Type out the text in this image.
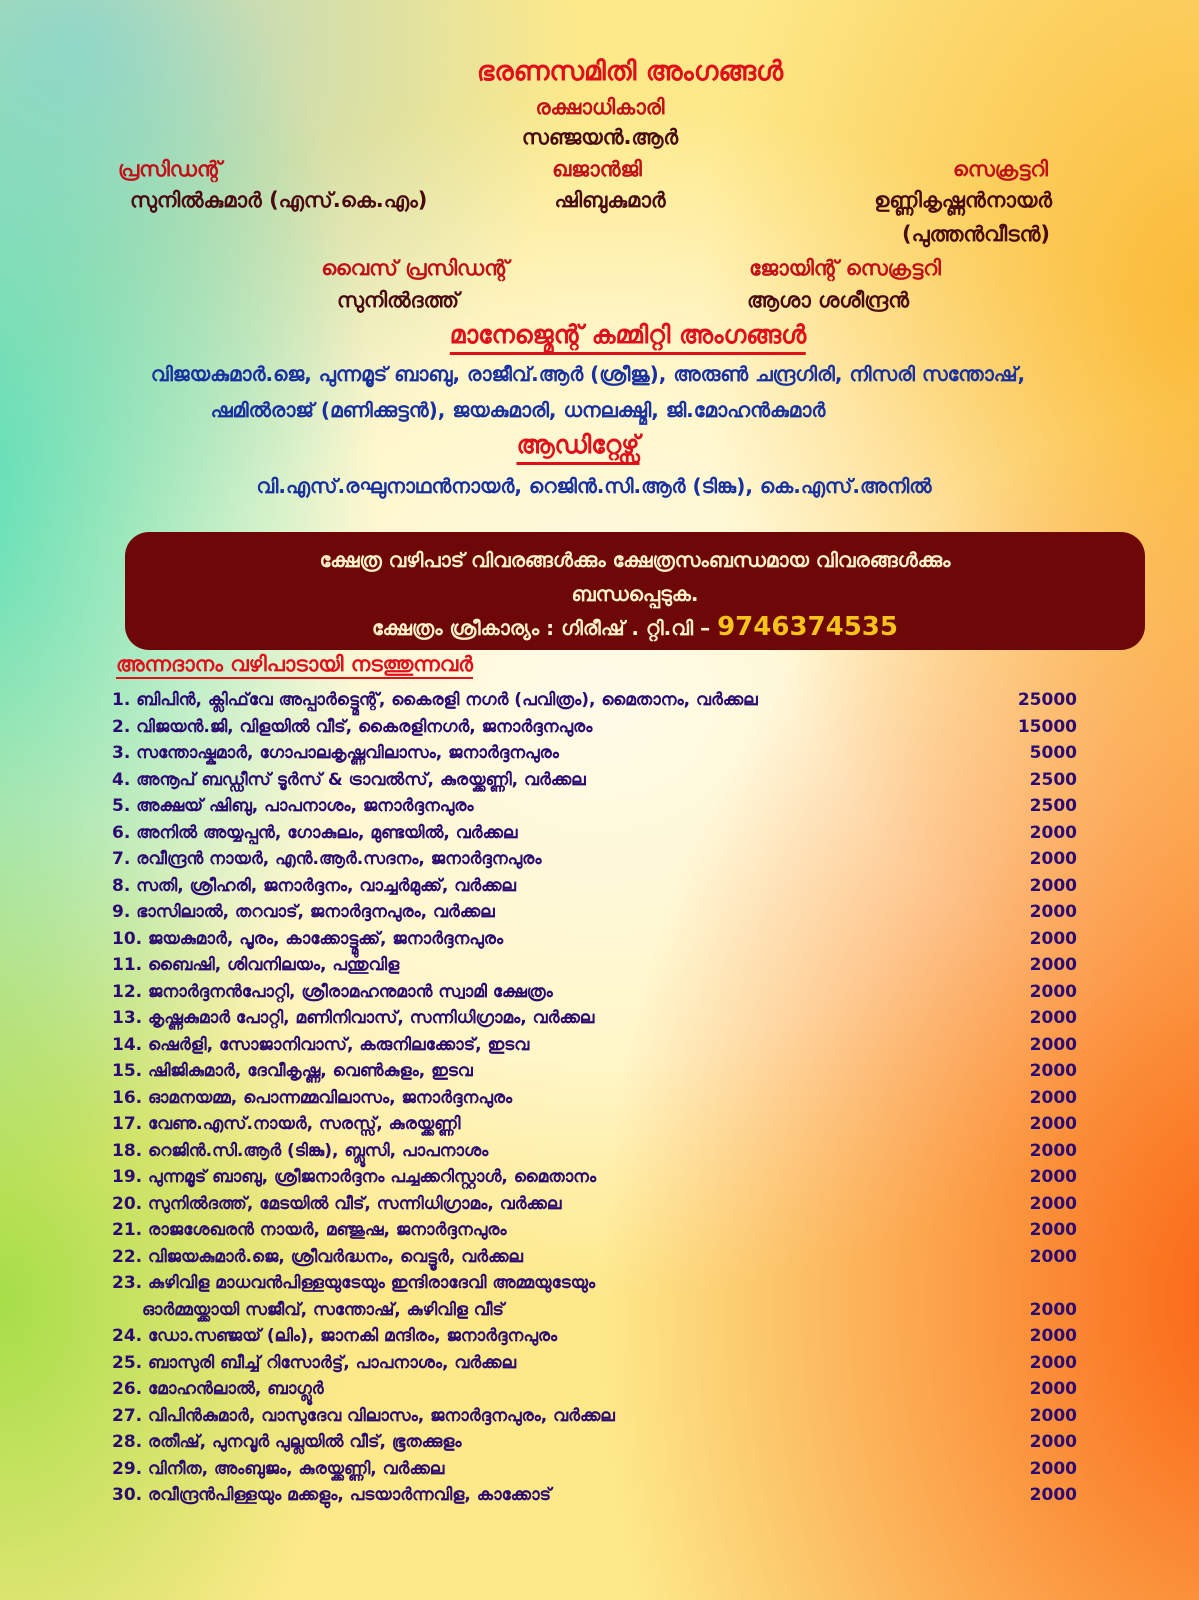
ഭരണസമിതി അംഗങ്ങൾ
രക്ഷാധികാരി
സഞ്ജയൻ.ആർ
പ്രസിഡന്റ്
സുനിൽകുമാർ (എസ്.കെ.എം)
ഖജാൻജി
ഷിബുകുമാർ
സെക്രട്ടറി
ഉണ്ണികൃഷ്ണൻനായർ
(പുത്തൻവീടൻ)
വൈസ് പ്രസിഡന്റ്
സുനിൽദത്ത്
ജോയിന്റ് സെക്രട്ടറി
ആശാ ശശീന്ദ്രൻ
മാനേജ്മെന്റ് കമ്മിറ്റി അംഗങ്ങൾ
വിജയകുമാർ.ജെ, പുന്നമൂട് ബാബു, രാജീവ്.ആർ (ശ്രീജു), അരുൺ ചന്ദ്രഗിരി, നിസരി സന്തോഷ്,
ഷമിൽരാജ് (മണിക്കുട്ടൻ), ജയകുമാരി, ധനലക്ഷ്മി, ജി.മോഹൻകുമാർ
ആഡിറ്റേഴ്സ്
വി.എസ്.രഘുനാഥൻനായർ, റെജിൻ.സി.ആർ (ടിങ്കു), കെ.എസ്.അനിൽ
ക്ഷേത്ര വഴിപാട് വിവരങ്ങൾക്കും ക്ഷേത്രസംബന്ധമായ വിവരങ്ങൾക്കും
ബന്ധപ്പെടുക.
ക്ഷേത്രം ശ്രീകാര്യം : ഗിരീഷ് . റ്റി.വി – 9746374535
അന്നദാനം വഴിപാടായി നടത്തുന്നവർ
1. ബിപിൻ, ക്ലിഫ്‌വേ അപ്പാർട്ട്മെന്റ്, കൈരളി നഗർ (പവിത്രം), മൈതാനം, വർക്കല	25000
2. വിജയൻ.ജി, വിളയിൽ വീട്, കൈരളിനഗർ, ജനാർദ്ദനപുരം	15000
3. സന്തോഷ്കുമാർ, ഗോപാലകൃഷ്ണവിലാസം, ജനാർദ്ദനപുരം	5000
4. അനൂപ് ബഡ്ഡീസ് ടൂർസ് & ട്രാവൽസ്, കുരയ്ക്കണ്ണി, വർക്കല	2500
5. അക്ഷയ് ഷിബു, പാപനാശം, ജനാർദ്ദനപുരം	2500
6. അനിൽ അയ്യപ്പൻ, ഗോകുലം, മുണ്ടയിൽ, വർക്കല	2000
7. രവീന്ദ്രൻ നായർ, എൻ.ആർ.സദനം, ജനാർദ്ദനപുരം	2000
8. സതി, ശ്രീഹരി, ജനാർദ്ദനം, വാച്ചർമുക്ക്, വർക്കല	2000
9. ഭാസിലാൽ, തറവാട്, ജനാർദ്ദനപുരം, വർക്കല	2000
10. ജയകുമാർ, പൂരം, കാക്കോട്ട്മുക്ക്, ജനാർദ്ദനപുരം	2000
11. ബൈഷി, ശിവനിലയം, പന്തുവിള	2000
12. ജനാർദ്ദനൻപോറ്റി, ശ്രീരാമഹനുമാൻ സ്വാമി ക്ഷേത്രം	2000
13. കൃഷ്ണകുമാർ പോറ്റി, മണിനിവാസ്, സന്നിധിഗ്രാമം, വർക്കല	2000
14. ഷെർളി, സോജാനിവാസ്, കരുനിലക്കോട്, ഇടവ	2000
15. ഷിജികുമാർ, ദേവീകൃഷ്ണ, വെൺകുളം, ഇടവ	2000
16. ഓമനയമ്മ, പൊന്നമ്മവിലാസം, ജനാർദ്ദനപുരം	2000
17. വേണു.എസ്.നായർ, സരസ്സ്, കുരയ്ക്കണ്ണി	2000
18. റെജിൻ.സി.ആർ (ടിങ്കു), ബ്ലൂസി, പാപനാശം	2000
19. പുന്നമൂട് ബാബു, ശ്രീജനാർദ്ദനം പച്ചക്കറിസ്റ്റാൾ, മൈതാനം	2000
20. സുനിൽദത്ത്, മേടയിൽ വീട്, സന്നിധിഗ്രാമം, വർക്കല	2000
21. രാജശേഖരൻ നായർ, മഞ്ജുഷ, ജനാർദ്ദനപുരം	2000
22. വിജയകുമാർ.ജെ, ശ്രീവർദ്ധനം, വെട്ടൂർ, വർക്കല	2000
23. കുഴിവിള മാധവൻപിള്ളയുടേയും ഇന്ദിരാദേവി അമ്മയുടേയും
ഓർമ്മയ്ക്കായി സജീവ്, സന്തോഷ്, കുഴിവിള വീട്	2000
24. ഡോ.സഞ്ജയ് (ലിം), ജാനകി മന്ദിരം, ജനാർദ്ദനപുരം	2000
25. ബാസുരി ബീച്ച് റിസോർട്ട്, പാപനാശം, വർക്കല	2000
26. മോഹൻലാൽ, ബാഗ്ലൂർ	2000
27. വിപിൻകുമാർ, വാസുദേവ വിലാസം, ജനാർദ്ദനപുരം, വർക്കല	2000
28. രതീഷ്, പുനവൂർ പുല്ലയിൽ വീട്, ഭൂതക്കുളം	2000
29. വിനീത, അംബുജം, കുരയ്ക്കണ്ണി, വർക്കല	2000
30. രവീന്ദ്രൻപിള്ളയും മക്കളും, പടയാർന്നവിള, കാക്കോട്	2000
